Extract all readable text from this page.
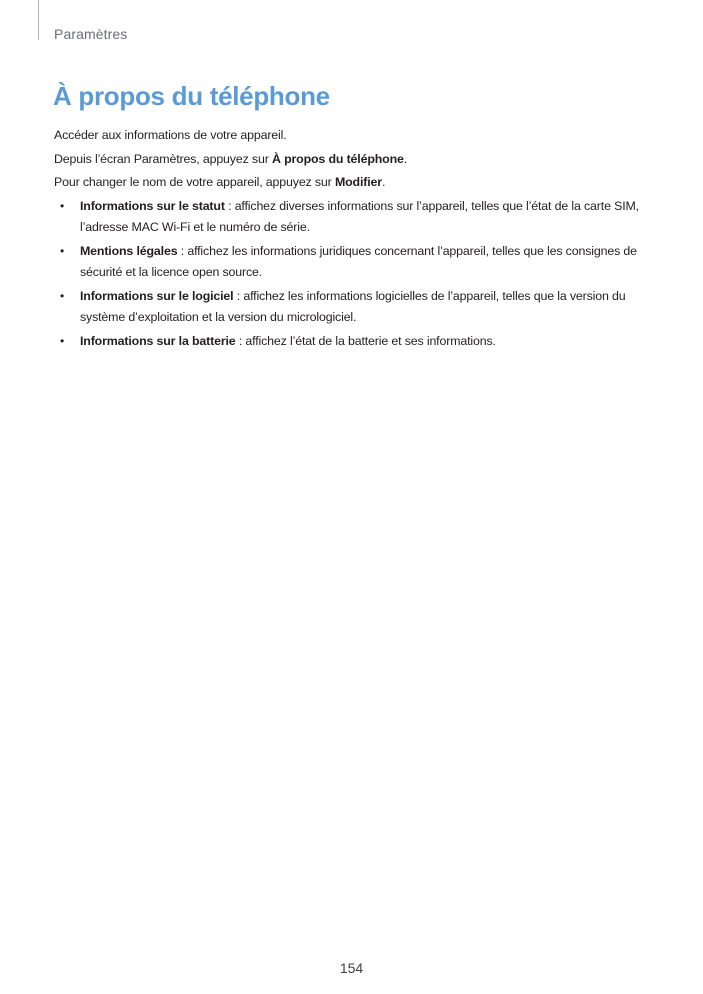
Paramètres
À propos du téléphone

Accéder aux informations de votre appareil.

Depuis l’écran Paramètres, appuyez sur À propos du téléphone.

Pour changer le nom de votre appareil, appuyez sur Modifier.

• Informations sur le statut : affichez diverses informations sur l’appareil, telles que l’état de la carte SIM,
l’adresse MAC Wi-Fi et le numéro de série.
• Mentions légales : affichez les informations juridiques concernant l’appareil, telles que les consignes de
sécurité et la licence open source.
• Informations sur le logiciel : affichez les informations logicielles de l’appareil, telles que la version du
système d’exploitation et la version du micrologiciel.
• Informations sur la batterie : affichez l’état de la batterie et ses informations.
154
